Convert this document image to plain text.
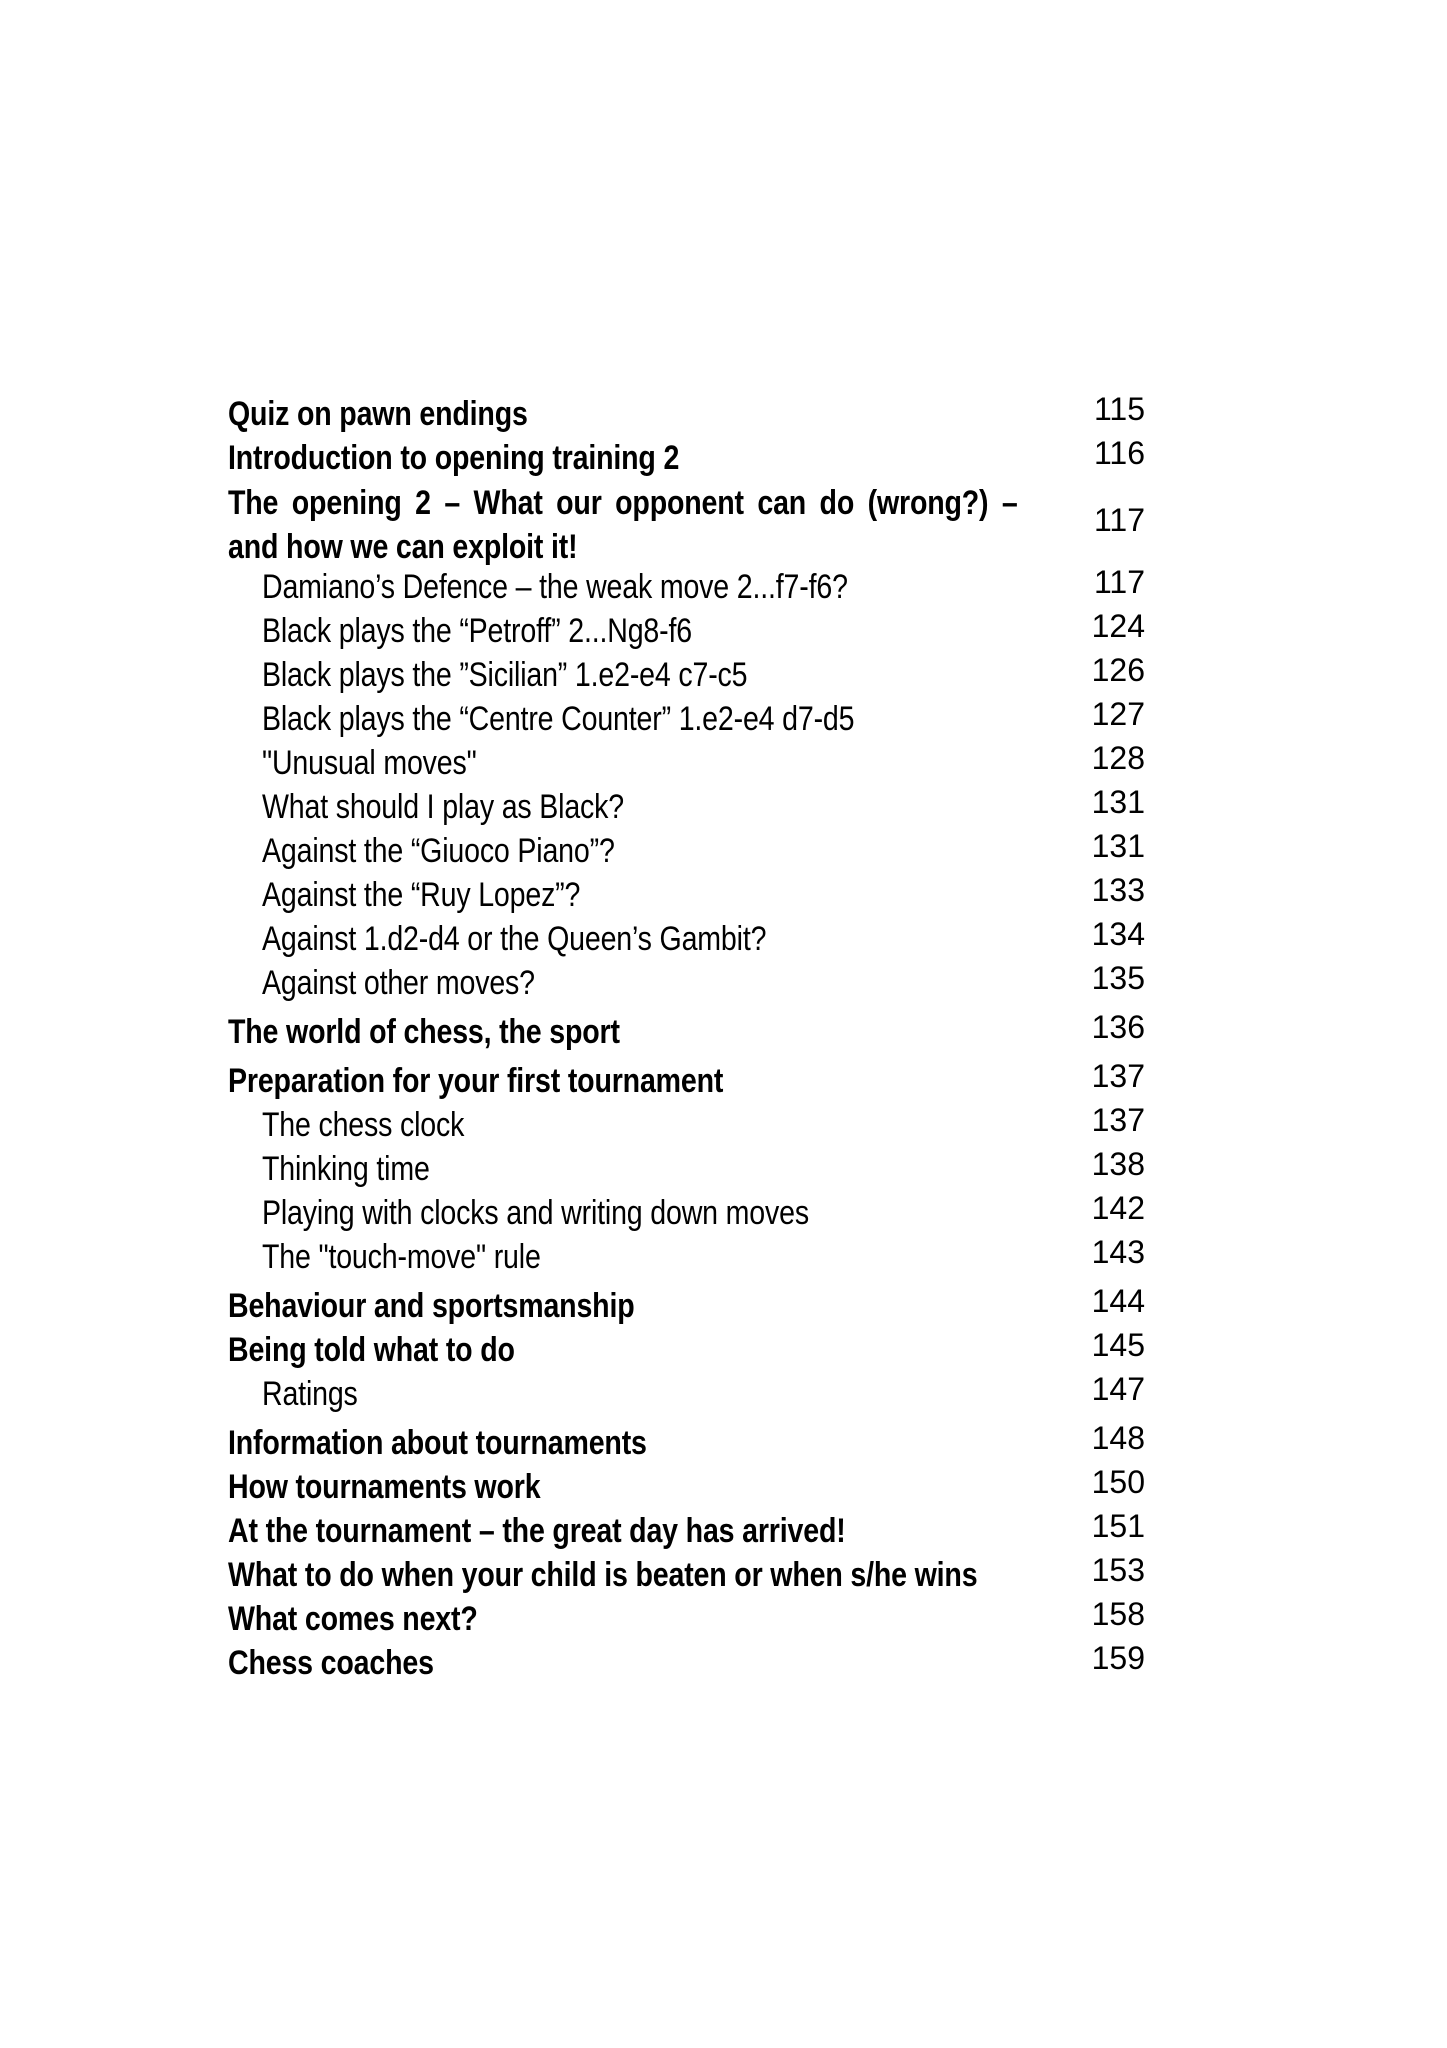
Quiz on pawn endings	115
Introduction to opening training 2	116
The opening 2 – What our opponent can do (wrong?) – and how we can exploit it!
117
Damiano’s Defence – the weak move 2...f7-f6?	117
Black plays the “Petroff” 2...Ng8-f6	124
Black plays the ”Sicilian” 1.e2-e4 c7-c5	126
Black plays the “Centre Counter” 1.e2-e4 d7-d5	127
"Unusual moves"	128
What should I play as Black?	131
Against the “Giuoco Piano”?	131
Against the “Ruy Lopez”?	133
Against 1.d2-d4 or the Queen’s Gambit?	134
Against other moves?	135
The world of chess, the sport	136
Preparation for your first tournament	137
The chess clock	137
Thinking time	138
Playing with clocks and writing down moves	142
The "touch-move" rule	143
Behaviour and sportsmanship	144
Being told what to do	145
Ratings	147
Information about tournaments	148
How tournaments work	150
At the tournament – the great day has arrived!	151
What to do when your child is beaten or when s/he wins	153
What comes next?	158
Chess coaches	159
